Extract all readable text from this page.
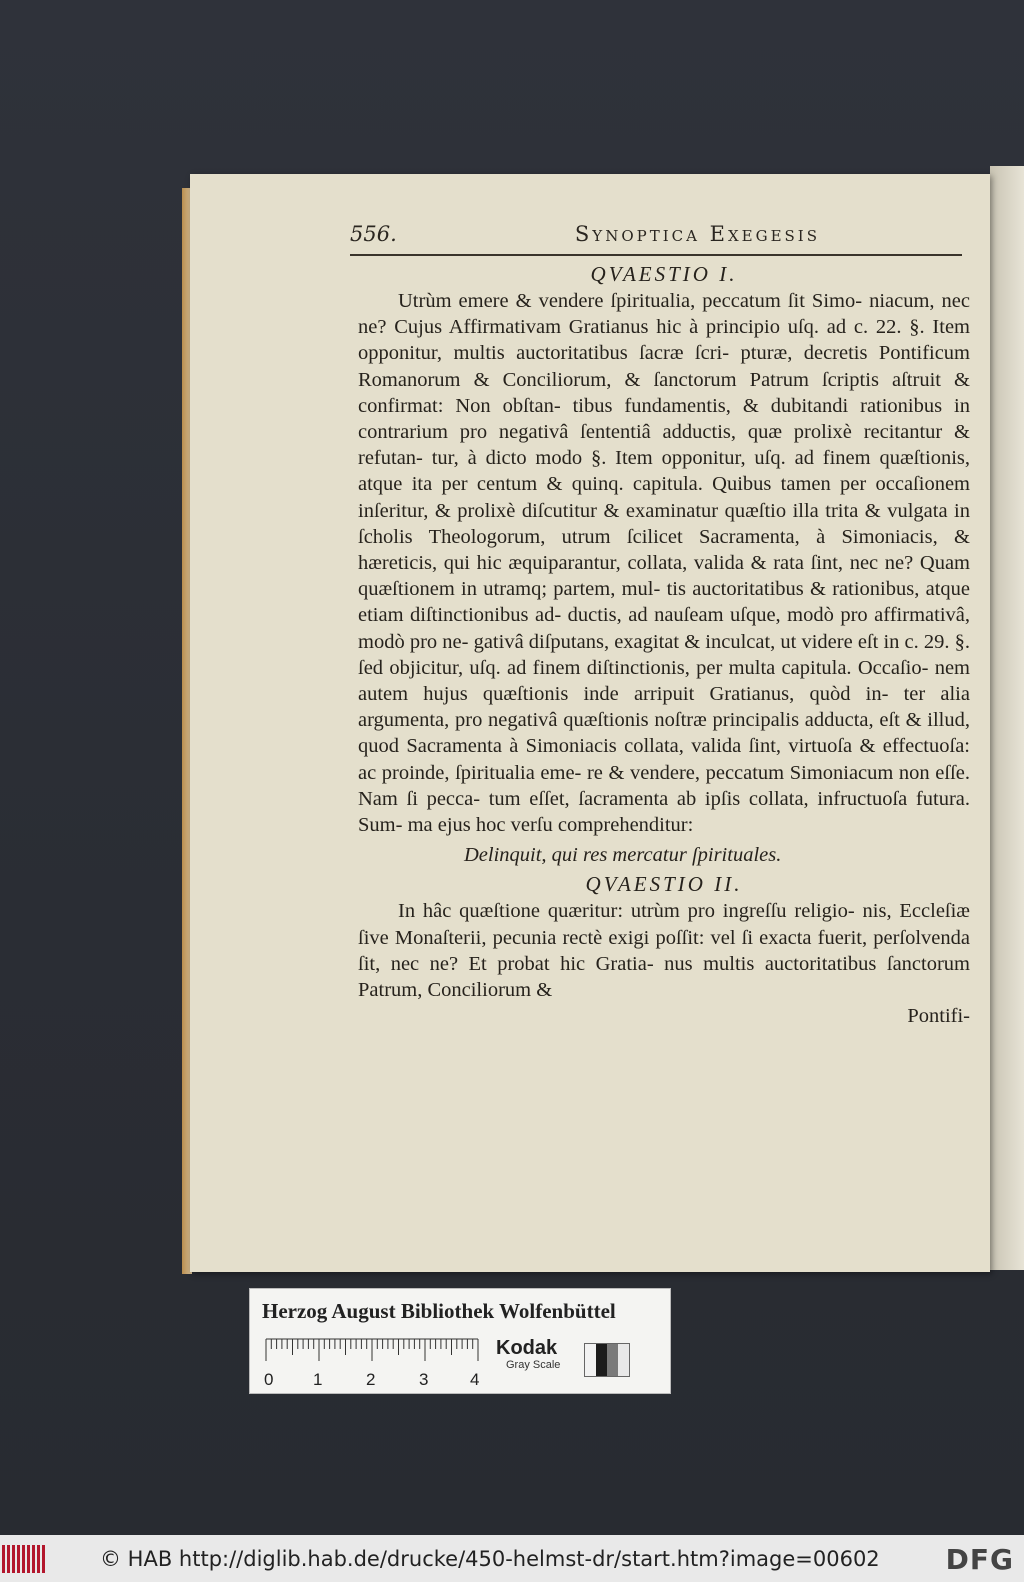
556.	Synoptica Exegesis

QVAESTIO I.

Utrùm emere & vendere ſpiritualia, peccatum ſit Simo- niacum, nec ne? Cujus Affirmativam Gratianus hic à principio uſq. ad c. 22. §. Item opponitur, multis auctoritatibus ſacræ ſcri- pturæ, decretis Pontificum Romanorum & Conciliorum, & ſanctorum Patrum ſcriptis aſtruit & confirmat: Non obſtan- tibus fundamentis, & dubitandi rationibus in contrarium pro negativâ ſententiâ adductis, quæ prolixè recitantur & refutan- tur, à dicto modo §. Item opponitur, uſq. ad finem quæſtionis, atque ita per centum & quinq. capitula. Quibus tamen per occaſionem inſeritur, & prolixè diſcutitur & examinatur quæſtio illa trita & vulgata in ſcholis Theologorum, utrum ſcilicet Sacramenta, à Simoniacis, & hæreticis, qui hic æquiparantur, collata, valida & rata ſint, nec ne? Quam quæſtionem in utramq; partem, mul- tis auctoritatibus & rationibus, atque etiam diſtinctionibus ad- ductis, ad nauſeam uſque, modò pro affirmativâ, modò pro ne- gativâ diſputans, exagitat & inculcat, ut videre eſt in c. 29. §. ſed objicitur, uſq. ad finem diſtinctionis, per multa capitula. Occaſio- nem autem hujus quæſtionis inde arripuit Gratianus, quòd in- ter alia argumenta, pro negativâ quæſtionis noſtræ principalis adducta, eſt & illud, quod Sacramenta à Simoniacis collata, valida ſint, virtuoſa & effectuoſa: ac proinde, ſpiritualia eme- re & vendere, peccatum Simoniacum non eſſe. Nam ſi pecca- tum eſſet, ſacramenta ab ipſis collata, infructuoſa futura. Sum- ma ejus hoc verſu comprehenditur:

Delinquit, qui res mercatur ſpirituales.

QVAESTIO II.

In hâc quæſtione quæritur: utrùm pro ingreſſu religio- nis, Eccleſiæ ſive Monaſterii, pecunia rectè exigi poſſit: vel ſi exacta fuerit, perſolvenda ſit, nec ne? Et probat hic Gratia- nus multis auctoritatibus ſanctorum Patrum, Conciliorum &

Pontifi-

Herzog August Bibliothek Wolfenbüttel
0 1	2	3 4
Kodak
Gray Scale
© HAB http://diglib.hab.de/drucke/450-helmst-dr/start.htm?image=00602 DFG
